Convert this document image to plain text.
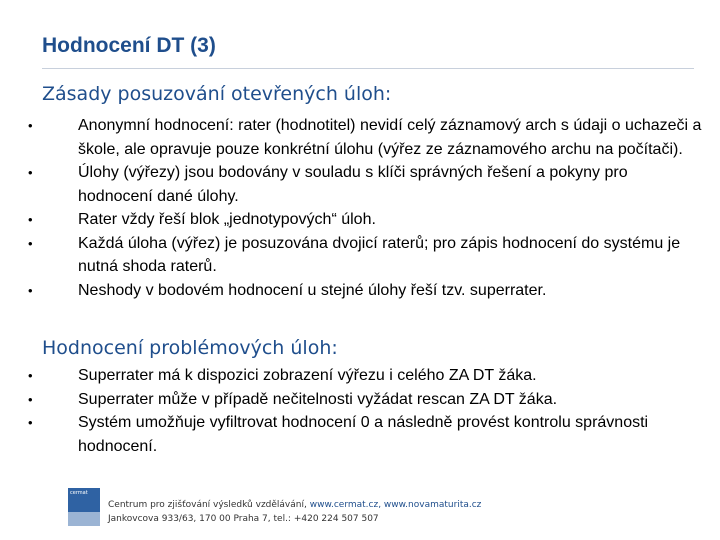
Hodnocení DT (3)
Zásady posuzování otevřených úloh:
• Anonymní hodnocení: rater (hodnotitel) nevidí celý záznamový arch s údaji o uchazeči a škole, ale opravuje pouze konkrétní úlohu (výřez ze záznamového archu na počítači).
• Úlohy (výřezy) jsou bodovány v souladu s klíči správných řešení a pokyny pro hodnocení dané úlohy.
• Rater vždy řeší blok „jednotypových“ úloh.
• Každá úloha (výřez) je posuzována dvojicí raterů; pro zápis hodnocení do systému je nutná shoda raterů.
• Neshody v bodovém hodnocení u stejné úlohy řeší tzv. superrater.
Hodnocení problémových úloh:
• Superrater má k dispozici zobrazení výřezu i celého ZA DT žáka.
• Superrater může v případě nečitelnosti vyžádat rescan ZA DT žáka.
• Systém umožňuje vyfiltrovat hodnocení 0 a následně provést kontrolu správnosti hodnocení.
cermat
Centrum pro zjišťování výsledků vzdělávání, www.cermat.cz, www.novamaturita.cz
Jankovcova 933/63, 170 00 Praha 7, tel.: +420 224 507 507
